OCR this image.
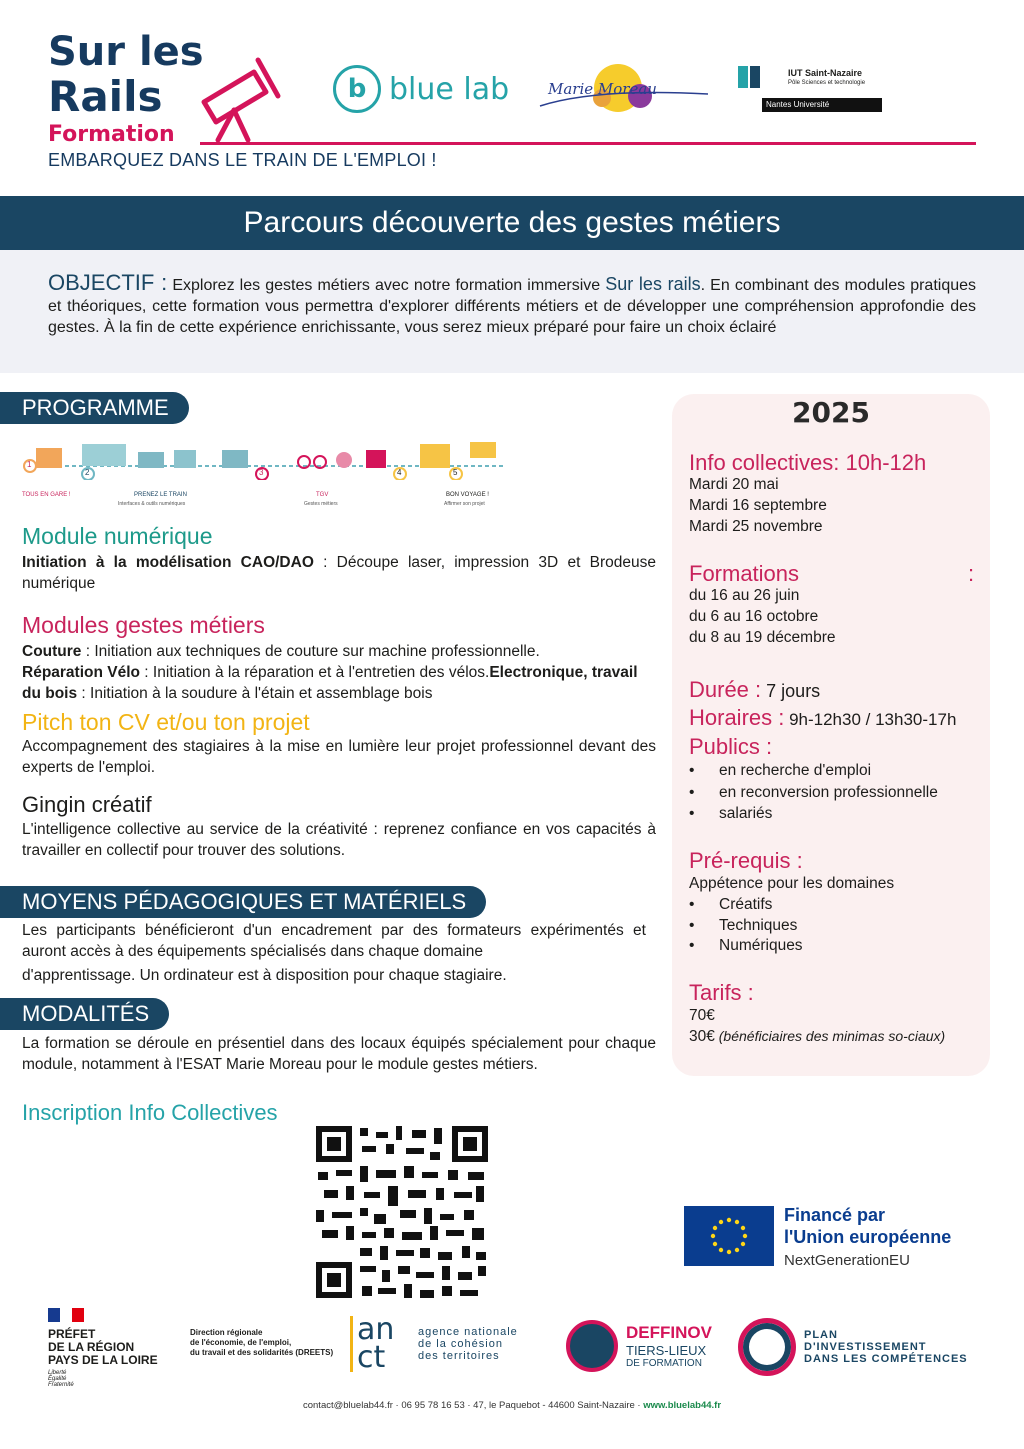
Sur les
Rails
Formation
EMBARQUEZ DANS LE TRAIN DE L'EMPLOI !
b blue lab	Marie Moreau
IUT Saint-Nazaire
Pôle Sciences et technologie
Nantes Université
Parcours découverte des gestes métiers
OBJECTIF : Explorez les gestes métiers avec notre formation immersive Sur les rails. En combinant des modules pratiques et théoriques, cette formation vous permettra d'explorer différents métiers et de développer une compréhension approfondie des gestes. À la fin de cette expérience enrichissante, vous serez mieux préparé pour faire un choix éclairé
PROGRAMME
1
2	3	4	5
TOUS EN GARE !	PRENEZ LE TRAIN	TGV	BON VOYAGE !
Interfaces & outils numériques	Gestes métiers	Affirmer son projet
Module numérique
Initiation à la modélisation CAO/DAO : Découpe laser, impression 3D et Brodeuse numérique
Modules gestes métiers
Couture : Initiation aux techniques de couture sur machine professionnelle.
Réparation Vélo : Initiation à la réparation et à l'entretien des vélos.Electronique, travail du bois : Initiation à la soudure à l'étain et assemblage bois
Pitch ton CV et/ou ton projet
Accompagnement des stagiaires à la mise en lumière leur projet professionnel devant des experts de l'emploi.
Gingin créatif
L'intelligence collective au service de la créativité : reprenez confiance en vos capacités à travailler en collectif pour trouver des solutions.
MOYENS PÉDAGOGIQUES ET MATÉRIELS
Les participants bénéficieront d'un encadrement par des formateurs expérimentés et auront accès à des équipements spécialisés dans chaque domaine
d'apprentissage. Un ordinateur est à disposition pour chaque stagiaire.
MODALITÉS
La formation se déroule en présentiel dans des locaux équipés spécialement pour chaque module, notamment à l'ESAT Marie Moreau pour le module gestes métiers.
Inscription Info Collectives
2025
Info collectives: 10h-12h
Mardi 20 mai
Mardi 16 septembre
Mardi 25 novembre
Formations	:
du 16 au 26 juin
du 6 au 16 octobre
du 8 au 19 décembre
Durée : 7 jours
Horaires : 9h-12h30 / 13h30-17h
Publics :
•	en recherche d'emploi
•	en reconversion professionnelle
•	salariés
Pré-requis :
Appétence pour les domaines
•	Créatifs
•	Techniques
•	Numériques
Tarifs :
70€
30€ (bénéficiaires des minimas so-ciaux)
Financé par
l'Union européenne
NextGenerationEU
PRÉFET
DE LA RÉGION
PAYS DE LA LOIRE
Liberté
Égalité
Fraternité
Direction régionale
de l'économie, de l'emploi,
du travail et des solidarités (DREETS)
an ct
agence nationale
de la cohésion
des territoires
DEFFINOV
TIERS-LIEUX
DE FORMATION
PLAN
D'INVESTISSEMENT
DANS LES COMPÉTENCES
contact@bluelab44.fr · 06 95 78 16 53 · 47, le Paquebot - 44600 Saint-Nazaire · www.bluelab44.fr
